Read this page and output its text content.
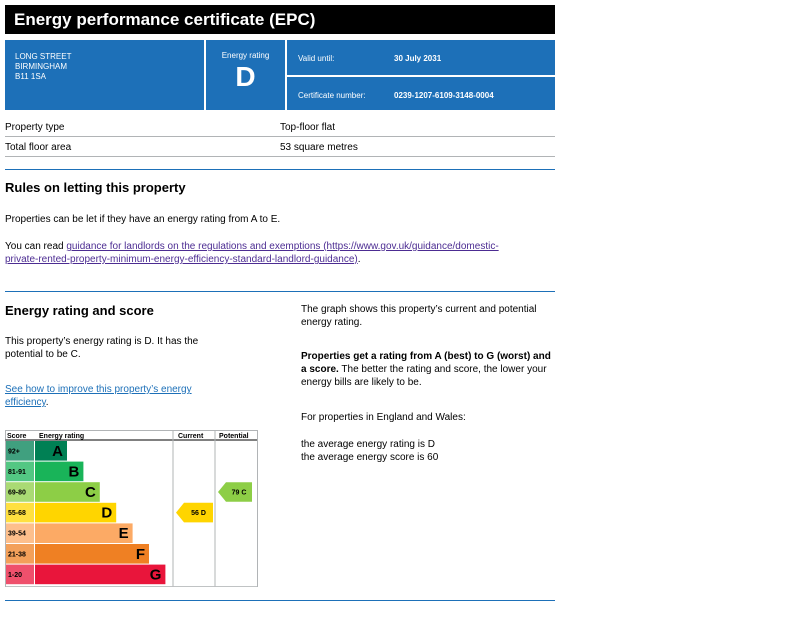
Energy performance certificate (EPC)
LONG STREET
BIRMINGHAM
B11 1SA
Energy rating
D
Valid until:	30 July 2031
Certificate number:	0239-1207-6109-3148-0004
Property type	Top-floor flat
Total floor area	53 square metres
Rules on letting this property

Properties can be let if they have an energy rating from A to E.

You can read guidance for landlords on the regulations and exemptions (https://www.gov.uk/guidance/domestic-
private-rented-property-minimum-energy-efficiency-standard-landlord-guidance).

Energy rating and score

This property’s energy rating is D. It has the potential to be C.

See how to improve this property’s energy
efficiency.

The graph shows this property’s current and potential energy rating.

Properties get a rating from A (best) to G (worst) and a score. The better the rating and score, the lower your energy bills are likely to be.

For properties in England and Wales:

the average energy rating is D

the average energy score is 60

Score Energy rating	Current Potential
92+ A
81-91	B
69-80	C
55-68	D
39-54	E
21-38	F
1-20	G
56 D
79 C
